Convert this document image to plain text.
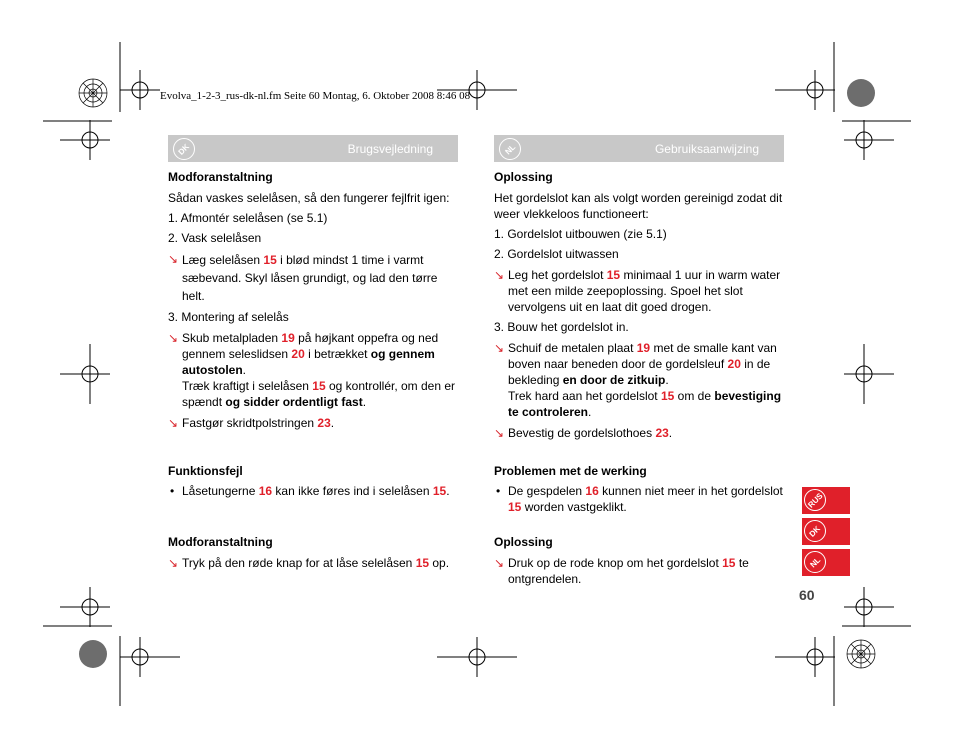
Evolva_1-2-3_rus-dk-nl.fm Seite 60 Montag, 6. Oktober 2008 8:46 08
DK	Brugsvejledning	NL	Gebruiksaanwijzing
Modforanstaltning
Sådan vaskes selelåsen, så den fungerer fejlfrit igen:
1. Afmontér selelåsen (se 5.1)
2. Vask selelåsen
↘ Læg selelåsen 15 i blød mindst 1 time i varmt sæbevand. Skyl låsen grundigt, og lad den tørre helt.
3. Montering af selelås
↘ Skub metalpladen 19 på højkant oppefra og ned gennem seleslidsen 20 i betrækket og gennem autostolen.
Træk kraftigt i selelåsen 15 og kontrollér, om den er spændt og sidder ordentligt fast.
↘ Fastgør skridtpolstringen 23.
Funktionsfejl
• Låsetungerne 16 kan ikke føres ind i selelåsen 15.
Modforanstaltning
↘ Tryk på den røde knap for at låse selelåsen 15 op.
Oplossing
Het gordelslot kan als volgt worden gereinigd zodat dit weer vlekkeloos functioneert:
1. Gordelslot uitbouwen (zie 5.1)
2. Gordelslot uitwassen
↘ Leg het gordelslot 15 minimaal 1 uur in warm water met een milde zeepoplossing. Spoel het slot vervolgens uit en laat dit goed drogen.
3. Bouw het gordelslot in.
↘ Schuif de metalen plaat 19 met de smalle kant van boven naar beneden door de gordelsleuf 20 in de bekleding en door de zitkuip.
Trek hard aan het gordelslot 15 om de bevestiging te controleren.
↘ Bevestig de gordelslothoes 23.
Problemen met de werking
• De gespdelen 16 kunnen niet meer in het gordelslot 15 worden vastgeklikt.
Oplossing
↘ Druk op de rode knop om het gordelslot 15 te ontgrendelen.
RUS
DK
NL
60
